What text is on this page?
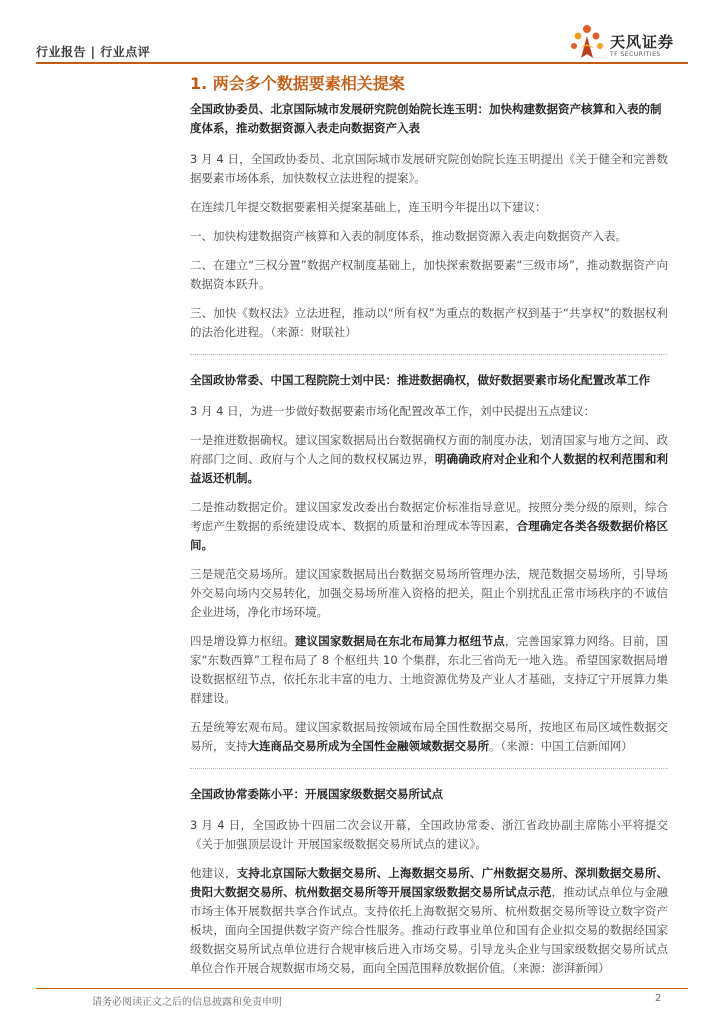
行业报告 | 行业点评
天风证券
TF SECURITIES
1. 两会多个数据要素相关提案
全国政协委员、北京国际城市发展研究院创始院长连玉明：加快构建数据资产核算和入表的制度体系，推动数据资源入表走向数据资产入表
3 月 4 日，全国政协委员、北京国际城市发展研究院创始院长连玉明提出《关于健全和完善数据要素市场体系，加快数权立法进程的提案》。
在连续几年提交数据要素相关提案基础上，连玉明今年提出以下建议：
一、加快构建数据资产核算和入表的制度体系，推动数据资源入表走向数据资产入表。
二、在建立“三权分置”数据产权制度基础上，加快探索数据要素“三级市场”，推动数据资产向数据资本跃升。
三、加快《数权法》立法进程，推动以“所有权”为重点的数据产权到基于“共享权”的数据权利的法治化进程。（来源：财联社）
全国政协常委、中国工程院院士刘中民：推进数据确权，做好数据要素市场化配置改革工作
3 月 4 日，为进一步做好数据要素市场化配置改革工作，刘中民提出五点建议：
一是推进数据确权。建议国家数据局出台数据确权方面的制度办法，划清国家与地方之间、政府部门之间、政府与个人之间的数权权属边界，明确确政府对企业和个人数据的权利范围和利益返还机制。
二是推动数据定价。建议国家发改委出台数据定价标准指导意见。按照分类分级的原则，综合考虑产生数据的系统建设成本、数据的质量和治理成本等因素，合理确定各类各级数据价格区间。
三是规范交易场所。建议国家数据局出台数据交易场所管理办法，规范数据交易场所，引导场外交易向场内交易转化，加强交易场所准入资格的把关，阻止个别扰乱正常市场秩序的不诚信企业进场，净化市场环境。
四是增设算力枢纽。建议国家数据局在东北布局算力枢纽节点，完善国家算力网络。目前，国家“东数西算”工程布局了 8 个枢纽共 10 个集群，东北三省尚无一地入选。希望国家数据局增设数据枢纽节点，依托东北丰富的电力、土地资源优势及产业人才基础，支持辽宁开展算力集群建设。
五是统筹宏观布局。建议国家数据局按领域布局全国性数据交易所，按地区布局区域性数据交易所，支持大连商品交易所成为全国性金融领域数据交易所。（来源：中国工信新闻网）
全国政协常委陈小平：开展国家级数据交易所试点
3 月 4 日，全国政协十四届二次会议开幕，全国政协常委、浙江省政协副主席陈小平将提交《关于加强顶层设计 开展国家级数据交易所试点的建议》。
他建议，支持北京国际大数据交易所、上海数据交易所、广州数据交易所、深圳数据交易所、贵阳大数据交易所、杭州数据交易所等开展国家级数据交易所试点示范，推动试点单位与金融市场主体开展数据共享合作试点。支持依托上海数据交易所、杭州数据交易所等设立数字资产板块，面向全国提供数字资产综合性服务。推动行政事业单位和国有企业拟交易的数据经国家级数据交易所试点单位进行合规审核后进入市场交易。引导龙头企业与国家级数据交易所试点单位合作开展合规数据市场交易，面向全国范围释放数据价值。（来源：澎湃新闻）
请务必阅读正文之后的信息披露和免责申明	2
